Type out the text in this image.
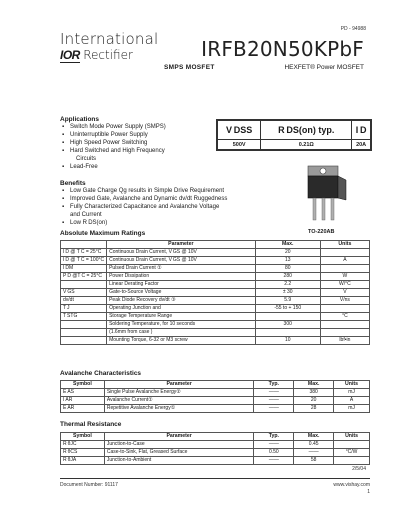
PD - 94988
International
IOR Rectifier	IRFB20N50KPbF
SMPS MOSFET	HEXFET® Power MOSFET
Applications
▪ Switch Mode Power Supply (SMPS)
▪ Uninterruptible Power Supply
▪ High Speed Power Switching
▪ Hard Switched and High Frequency
Circuits
▪ Lead-Free
V DSS	R DS(on) typ.	I D
500V	0.21Ω	20A
Benefits
▪ Low Gate Charge Qg results in Simple Drive Requirement
▪ Improved Gate, Avalanche and Dynamic dv/dt Ruggedness
▪ Fully Characterized Capacitance and Avalanche Voltage
and Current
▪ Low R DS(on)
TO-220AB
Absolute Maximum Ratings
	Parameter	Max.	Units
I D @ T C = 25°C	Continuous Drain Current, V GS @ 10V	20	
I D @ T C = 100°C	Continuous Drain Current, V GS @ 10V	13	A
I DM	Pulsed Drain Current ①	80	
P D @T C = 25°C	Power Dissipation	280	W
	Linear Derating Factor	2.2	W/°C
V GS	Gate-to-Source Voltage	± 30	V
dv/dt	Peak Diode Recovery dv/dt ③	5.9	V/ns
T J	Operating Junction and	-55 to + 150	
T STG	Storage Temperature Range		°C
	Soldering Temperature, for 10 seconds	300	
	(1.6mm from case )		
	Mounting Torque, 6-32 or M3 screw	10	lbf•in
Avalanche Characteristics
Symbol	Parameter	Typ.	Max.	Units
E AS	Single Pulse Avalanche Energy②	——	380	mJ
I AR	Avalanche Current①	——	20	A
E AR	Repetitive Avalanche Energy①	——	28	mJ
Thermal Resistance
Symbol	Parameter	Typ.	Max.	Units
R θJC	Junction-to-Case	——	0.45	
R θCS	Case-to-Sink, Flat, Greased Surface	0.50	——	°C/W
R θJA	Junction-to-Ambient	——	58	
2/5/04
Document Number: 91117	www.vishay.com
1
